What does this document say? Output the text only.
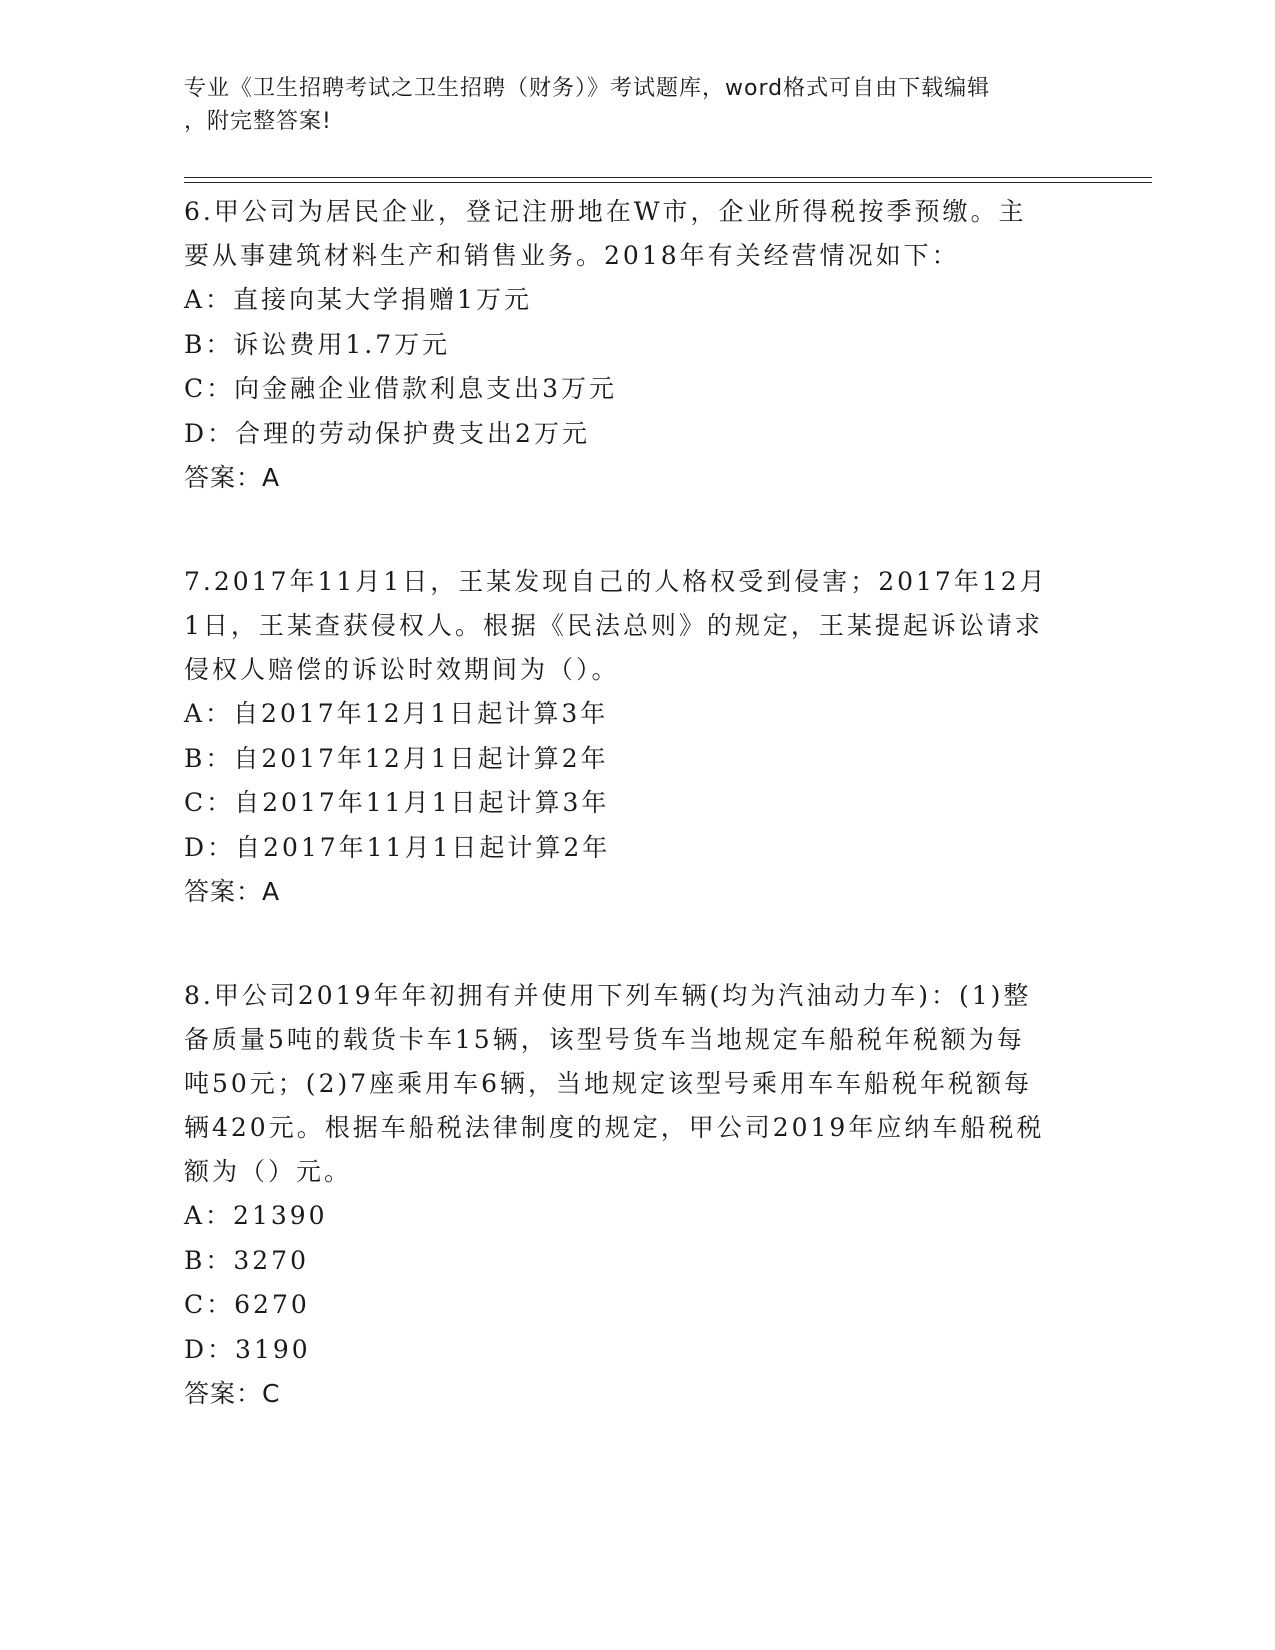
专业《卫生招聘考试之卫生招聘（财务）》考试题库，word格式可自由下载编辑
，附完整答案!
6.甲公司为居民企业，登记注册地在W市，企业所得税按季预缴。主
要从事建筑材料生产和销售业务。2018年有关经营情况如下：
A：直接向某大学捐赠1万元
B：诉讼费用1.7万元
C：向金融企业借款利息支出3万元
D：合理的劳动保护费支出2万元
答案：A
7.2017年11月1日，王某发现自己的人格权受到侵害；2017年12月
1日，王某查获侵权人。根据《民法总则》的规定，王某提起诉讼请求
侵权人赔偿的诉讼时效期间为（）。
A：自2017年12月1日起计算3年
B：自2017年12月1日起计算2年
C：自2017年11月1日起计算3年
D：自2017年11月1日起计算2年
答案：A
8.甲公司2019年年初拥有并使用下列车辆(均为汽油动力车)：(1)整
备质量5吨的载货卡车15辆，该型号货车当地规定车船税年税额为每
吨50元；(2)7座乘用车6辆，当地规定该型号乘用车车船税年税额每
辆420元。根据车船税法律制度的规定，甲公司2019年应纳车船税税
额为（）元。
A：21390
B：3270
C：6270
D：3190
答案：C
